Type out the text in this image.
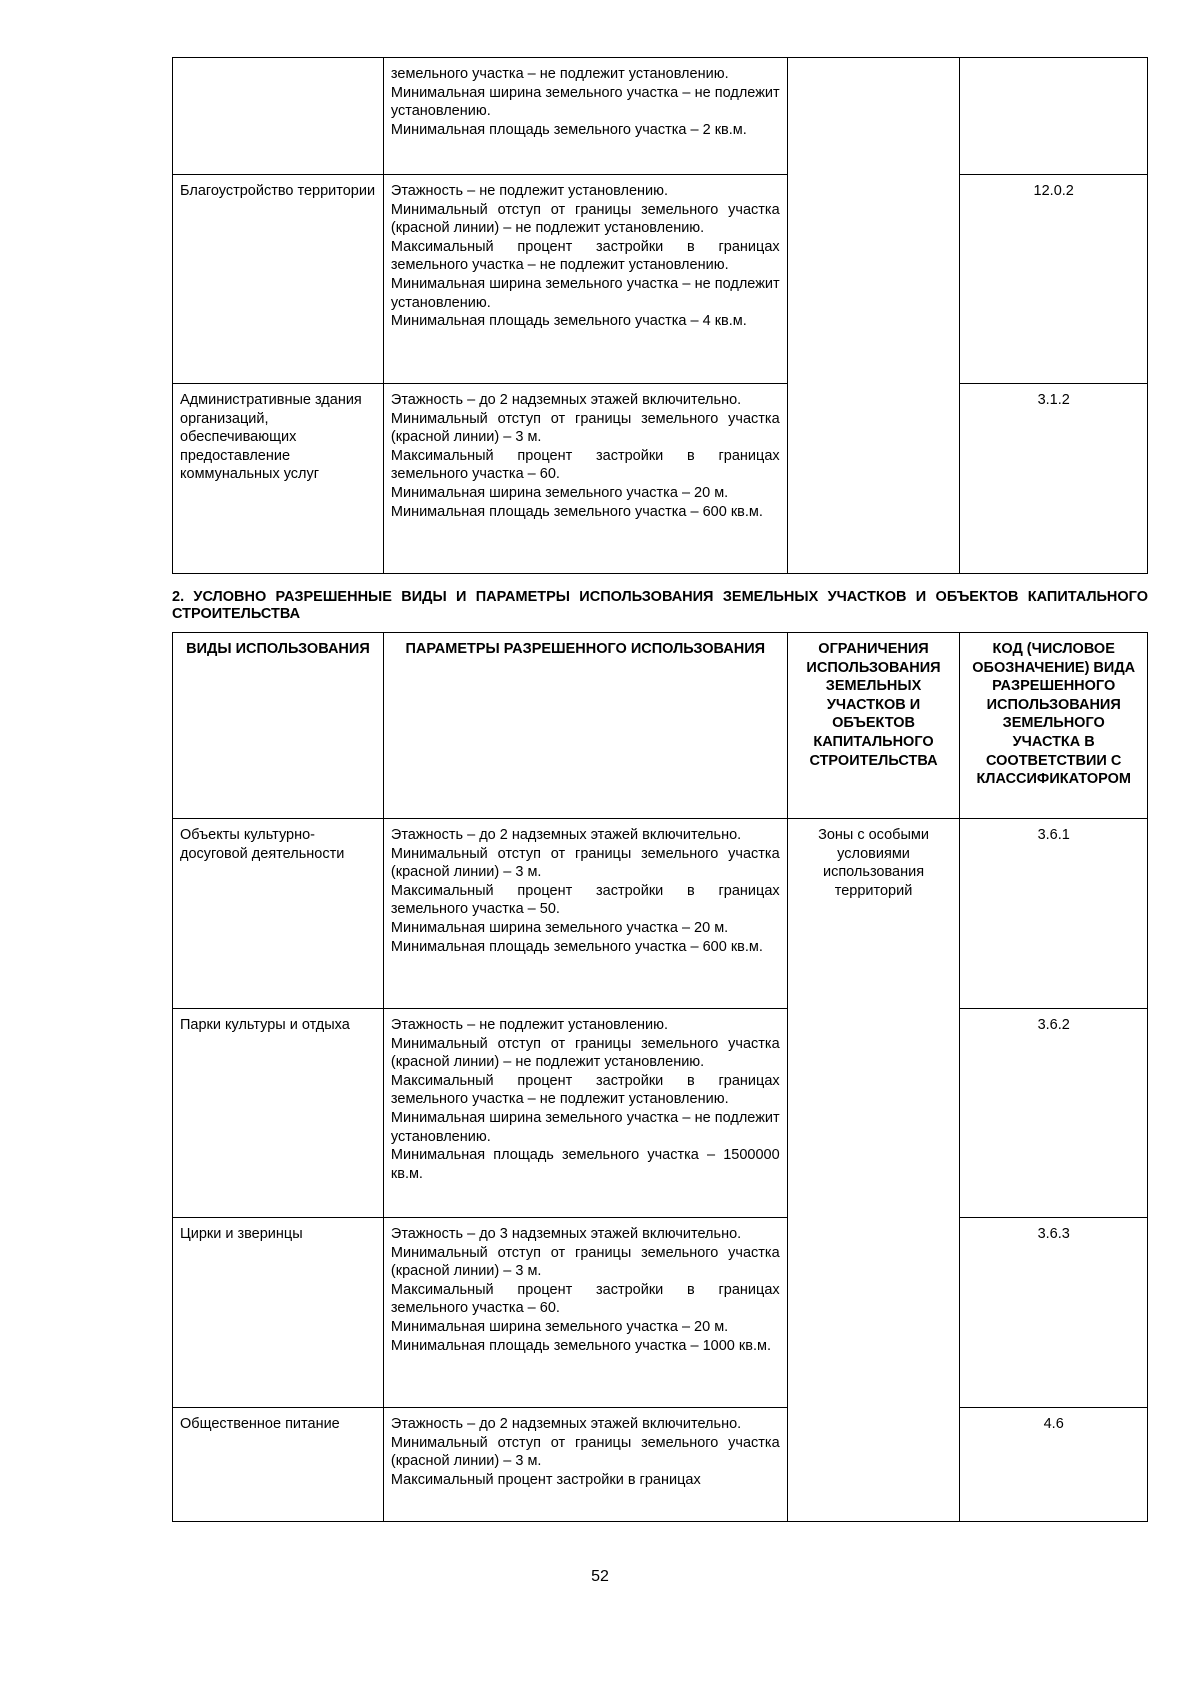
	земельного участка – не подлежит установлению.
Минимальная ширина земельного участка – не подлежит установлению.
Минимальная площадь земельного участка – 2 кв.м.		

Благоустройство территории	Этажность – не подлежит установлению.
Минимальный отступ от границы земельного участка (красной линии) – не подлежит установлению.
Максимальный процент застройки в границах земельного участка – не подлежит установлению.
Минимальная ширина земельного участка – не подлежит установлению.
Минимальная площадь земельного участка – 4 кв.м.		12.0.2
Административные здания организаций, обеспечивающих предоставление коммунальных услуг	Этажность – до 2 надземных этажей включительно.
Минимальный отступ от границы земельного участка (красной линии) – 3 м.
Максимальный процент застройки в границах земельного участка – 60.
Минимальная ширина земельного участка – 20 м.
Минимальная площадь земельного участка – 600 кв.м.		3.1.2
2. УСЛОВНО РАЗРЕШЕННЫЕ ВИДЫ И ПАРАМЕТРЫ ИСПОЛЬЗОВАНИЯ ЗЕМЕЛЬНЫХ УЧАСТКОВ И ОБЪЕКТОВ КАПИТАЛЬНОГО СТРОИТЕЛЬСТВА
ВИДЫ ИСПОЛЬЗОВАНИЯ	ПАРАМЕТРЫ РАЗРЕШЕННОГО ИСПОЛЬЗОВАНИЯ	ОГРАНИЧЕНИЯ ИСПОЛЬЗОВАНИЯ ЗЕМЕЛЬНЫХ УЧАСТКОВ И ОБЪЕКТОВ КАПИТАЛЬНОГО СТРОИТЕЛЬСТВА	КОД (ЧИСЛОВОЕ ОБОЗНАЧЕНИЕ) ВИДА РАЗРЕШЕННОГО ИСПОЛЬЗОВАНИЯ ЗЕМЕЛЬНОГО УЧАСТКА В СООТВЕТСТВИИ С КЛАССИФИКАТОРОМ
Объекты культурно-досуговой деятельности	Этажность – до 2 надземных этажей включительно.
Минимальный отступ от границы земельного участка (красной линии) – 3 м.
Максимальный процент застройки в границах земельного участка – 50.
Минимальная ширина земельного участка – 20 м.
Минимальная площадь земельного участка – 600 кв.м.	Зоны с особыми условиями использования территорий	3.6.1
Парки культуры и отдыха	Этажность – не подлежит установлению.
Минимальный отступ от границы земельного участка (красной линии) – не подлежит установлению.
Максимальный процент застройки в границах земельного участка – не подлежит установлению.
Минимальная ширина земельного участка – не подлежит установлению.
Минимальная площадь земельного участка – 1500000 кв.м.		3.6.2
Цирки и зверинцы	Этажность – до 3 надземных этажей включительно.
Минимальный отступ от границы земельного участка (красной линии) – 3 м.
Максимальный процент застройки в границах земельного участка – 60.
Минимальная ширина земельного участка – 20 м.
Минимальная площадь земельного участка – 1000 кв.м.		3.6.3
Общественное питание	Этажность – до 2 надземных этажей включительно.
Минимальный отступ от границы земельного участка (красной линии) – 3 м.
Максимальный процент застройки в границах		4.6
52
